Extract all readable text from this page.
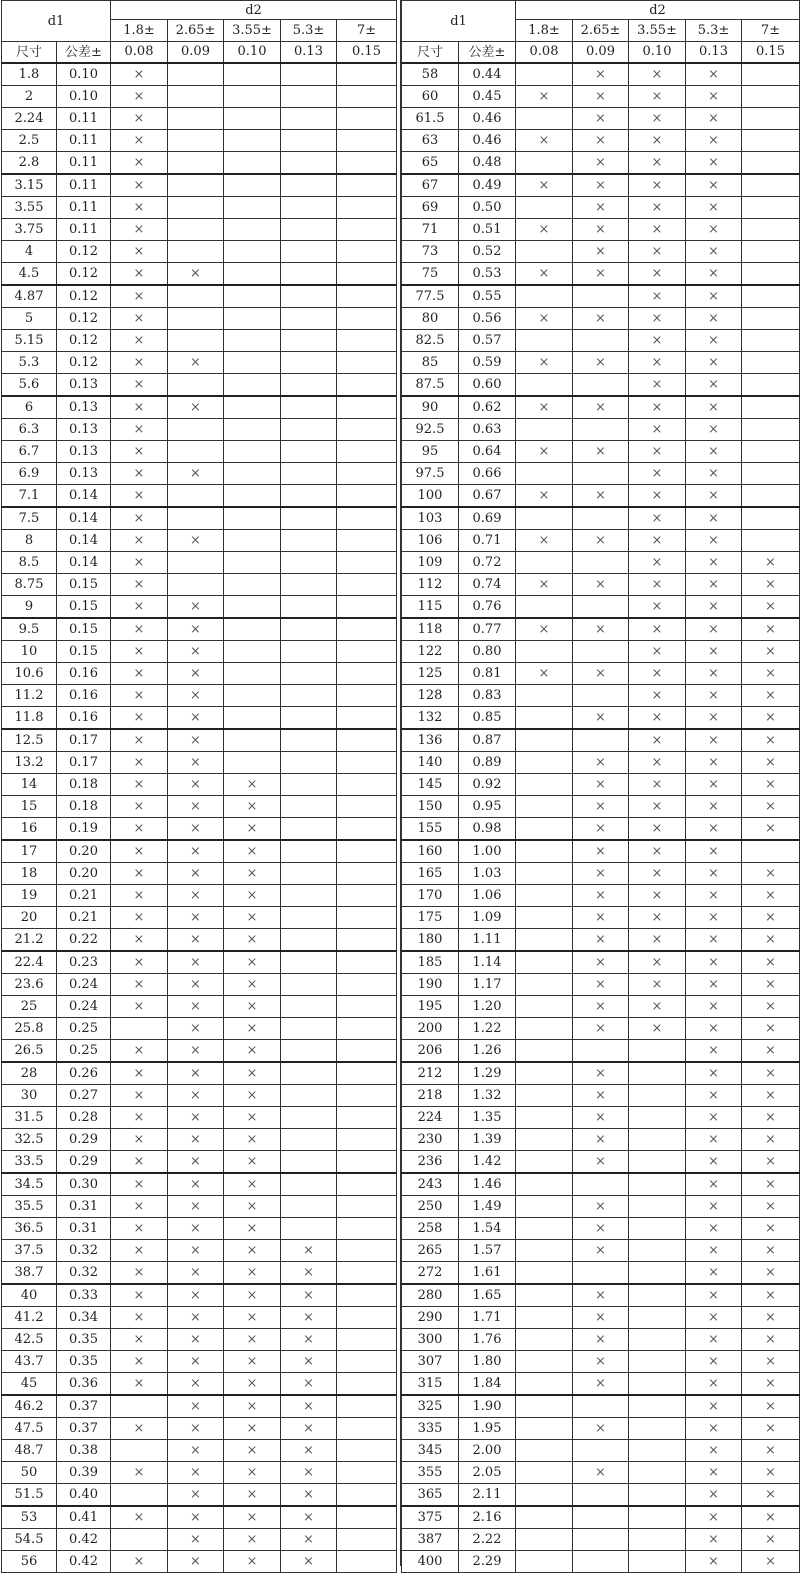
d1		d2				
		1.8±	2.65±	3.55±	5.3±	7±
尺寸	公差±	0.08	0.09	0.10	0.13	0.15
1.8	0.10	×				
2	0.10	×				
2.24	0.11	×				
2.5	0.11	×				
2.8	0.11	×				
3.15	0.11	×				
3.55	0.11	×				
3.75	0.11	×				
4	0.12	×				
4.5	0.12	×	×			
4.87	0.12	×				
5	0.12	×				
5.15	0.12	×				
5.3	0.12	×	×			
5.6	0.13	×				
6	0.13	×	×			
6.3	0.13	×				
6.7	0.13	×				
6.9	0.13	×	×			
7.1	0.14	×				
7.5	0.14	×				
8	0.14	×	×			
8.5	0.14	×				
8.75	0.15	×				
9	0.15	×	×			
9.5	0.15	×	×			
10	0.15	×	×			
10.6	0.16	×	×			
11.2	0.16	×	×			
11.8	0.16	×	×			
12.5	0.17	×	×			
13.2	0.17	×	×			
14	0.18	×	×	×		
15	0.18	×	×	×		
16	0.19	×	×	×		
17	0.20	×	×	×		
18	0.20	×	×	×		
19	0.21	×	×	×		
20	0.21	×	×	×		
21.2	0.22	×	×	×		
22.4	0.23	×	×	×		
23.6	0.24	×	×	×		
25	0.24	×	×	×		
25.8	0.25		×	×		
26.5	0.25	×	×	×		
28	0.26	×	×	×		
30	0.27	×	×	×		
31.5	0.28	×	×	×		
32.5	0.29	×	×	×		
33.5	0.29	×	×	×		
34.5	0.30	×	×	×		
35.5	0.31	×	×	×		
36.5	0.31	×	×	×		
37.5	0.32	×	×	×	×	
38.7	0.32	×	×	×	×	
40	0.33	×	×	×	×	
41.2	0.34	×	×	×	×	
42.5	0.35	×	×	×	×	
43.7	0.35	×	×	×	×	
45	0.36	×	×	×	×	
46.2	0.37		×	×	×	
47.5	0.37	×	×	×	×	
48.7	0.38		×	×	×	
50	0.39	×	×	×	×	
51.5	0.40		×	×	×	
53	0.41	×	×	×	×	
54.5	0.42		×	×	×	
56	0.42	×	×	×	×	
d1		d2				
		1.8±	2.65±	3.55±	5.3±	7±
尺寸	公差±	0.08	0.09	0.10	0.13	0.15
58	0.44		×	×	×	
60	0.45	×	×	×	×	
61.5	0.46		×	×	×	
63	0.46	×	×	×	×	
65	0.48		×	×	×	
67	0.49	×	×	×	×	
69	0.50		×	×	×	
71	0.51	×	×	×	×	
73	0.52		×	×	×	
75	0.53	×	×	×	×	
77.5	0.55			×	×	
80	0.56	×	×	×	×	
82.5	0.57			×	×	
85	0.59	×	×	×	×	
87.5	0.60			×	×	
90	0.62	×	×	×	×	
92.5	0.63			×	×	
95	0.64	×	×	×	×	
97.5	0.66			×	×	
100	0.67	×	×	×	×	
103	0.69			×	×	
106	0.71	×	×	×	×	
109	0.72			×	×	×
112	0.74	×	×	×	×	×
115	0.76			×	×	×
118	0.77	×	×	×	×	×
122	0.80			×	×	×
125	0.81	×	×	×	×	×
128	0.83			×	×	×
132	0.85		×	×	×	×
136	0.87			×	×	×
140	0.89		×	×	×	×
145	0.92		×	×	×	×
150	0.95		×	×	×	×
155	0.98		×	×	×	×
160	1.00		×	×	×	
165	1.03		×	×	×	×
170	1.06		×	×	×	×
175	1.09		×	×	×	×
180	1.11		×	×	×	×
185	1.14		×	×	×	×
190	1.17		×	×	×	×
195	1.20		×	×	×	×
200	1.22		×	×	×	×
206	1.26				×	×
212	1.29		×		×	×
218	1.32		×		×	×
224	1.35		×		×	×
230	1.39		×		×	×
236	1.42		×		×	×
243	1.46				×	×
250	1.49		×		×	×
258	1.54		×		×	×
265	1.57		×		×	×
272	1.61				×	×
280	1.65		×		×	×
290	1.71		×		×	×
300	1.76		×		×	×
307	1.80		×		×	×
315	1.84		×		×	×
325	1.90				×	×
335	1.95		×		×	×
345	2.00				×	×
355	2.05		×		×	×
365	2.11				×	×
375	2.16				×	×
387	2.22				×	×
400	2.29				×	×
